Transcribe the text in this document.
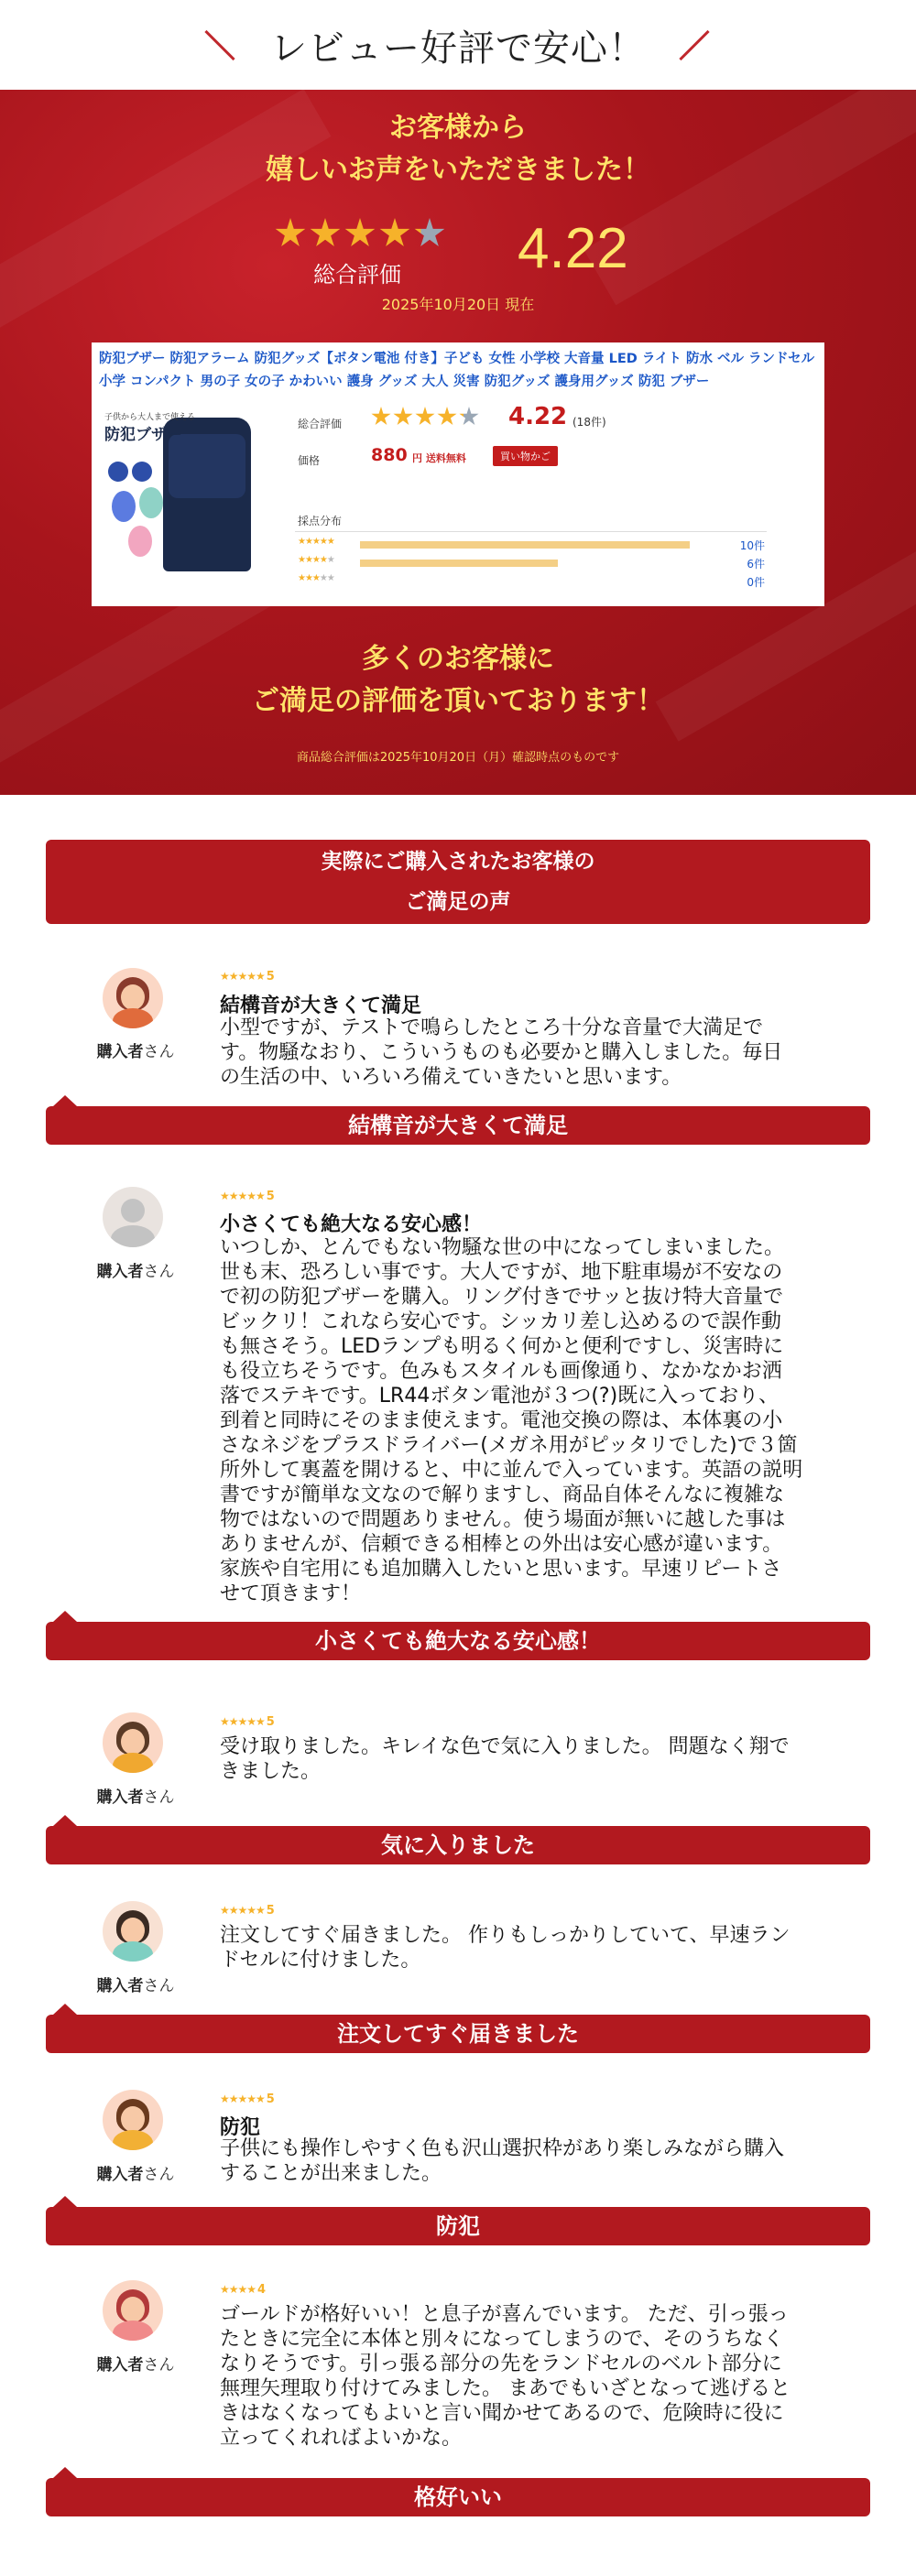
レビュー好評で安心！
お客様から
嬉しいお声をいただきました！
総合評価 4.22
2025年10月20日 現在
防犯ブザー 防犯アラーム 防犯グッズ【ボタン電池 付き】子ども 女性 小学校 大音量 LED ライト 防水 ベル ランドセル 小学 コンパクト 男の子 女の子 かわいい 護身 グッズ 大人 災害 防犯グッズ 護身用グッズ 防犯 ブザー
子供から大人まで使える
防犯ブザー
総合評価	4.22 (18件)
価格	880 円 送料無料	買い物かご
採点分布
★★★★★	10件
★★★★★	6件
★★★★★	0件
多くのお客様に
ご満足の評価を頂いております！
商品総合評価は2025年10月20日（月）確認時点のものです
実際にご購入されたお客様の
ご満足の声
購入者さん
★★★★★ 5
結構音が大きくて満足
小型ですが、テストで鳴らしたところ十分な音量で大満足で
す。物騒なおり、こういうものも必要かと購入しました。毎日
の生活の中、いろいろ備えていきたいと思います。
結構音が大きくて満足
購入者さん
★★★★★ 5
小さくても絶大なる安心感！
いつしか、とんでもない物騒な世の中になってしまいました。
世も末、恐ろしい事です。大人ですが、地下駐車場が不安なの
で初の防犯ブザーを購入。リング付きでサッと抜け特大音量で
ビックリ！これなら安心です。シッカリ差し込めるので誤作動
も無さそう。LEDランプも明るく何かと便利ですし、災害時に
も役立ちそうです。色みもスタイルも画像通り、なかなかお洒
落でステキです。LR44ボタン電池が３つ(?)既に入っており、
到着と同時にそのまま使えます。電池交換の際は、本体裏の小
さなネジをプラスドライバー(メガネ用がピッタリでした)で３箇
所外して裏蓋を開けると、中に並んで入っています。英語の説明
書ですが簡単な文なので解りますし、商品自体そんなに複雑な
物ではないので問題ありません。使う場面が無いに越した事は
ありませんが、信頼できる相棒との外出は安心感が違います。
家族や自宅用にも追加購入したいと思います。早速リピートさ
せて頂きます！
小さくても絶大なる安心感！
購入者さん
★★★★★ 5
受け取りました。キレイな色で気に入りました。 問題なく翔で
きました。
気に入りました
購入者さん
★★★★★ 5
注文してすぐ届きました。 作りもしっかりしていて、早速ラン
ドセルに付けました。
注文してすぐ届きました
購入者さん
★★★★★ 5
防犯
子供にも操作しやすく色も沢山選択枠があり楽しみながら購入
することが出来ました。
防犯
購入者さん
★★★★ 4
ゴールドが格好いい！と息子が喜んでいます。 ただ、引っ張っ
たときに完全に本体と別々になってしまうので、そのうちなく
なりそうです。引っ張る部分の先をランドセルのベルト部分に
無理矢理取り付けてみました。 まあでもいざとなって逃げると
きはなくなってもよいと言い聞かせてあるので、危険時に役に
立ってくれればよいかな。
格好いい
